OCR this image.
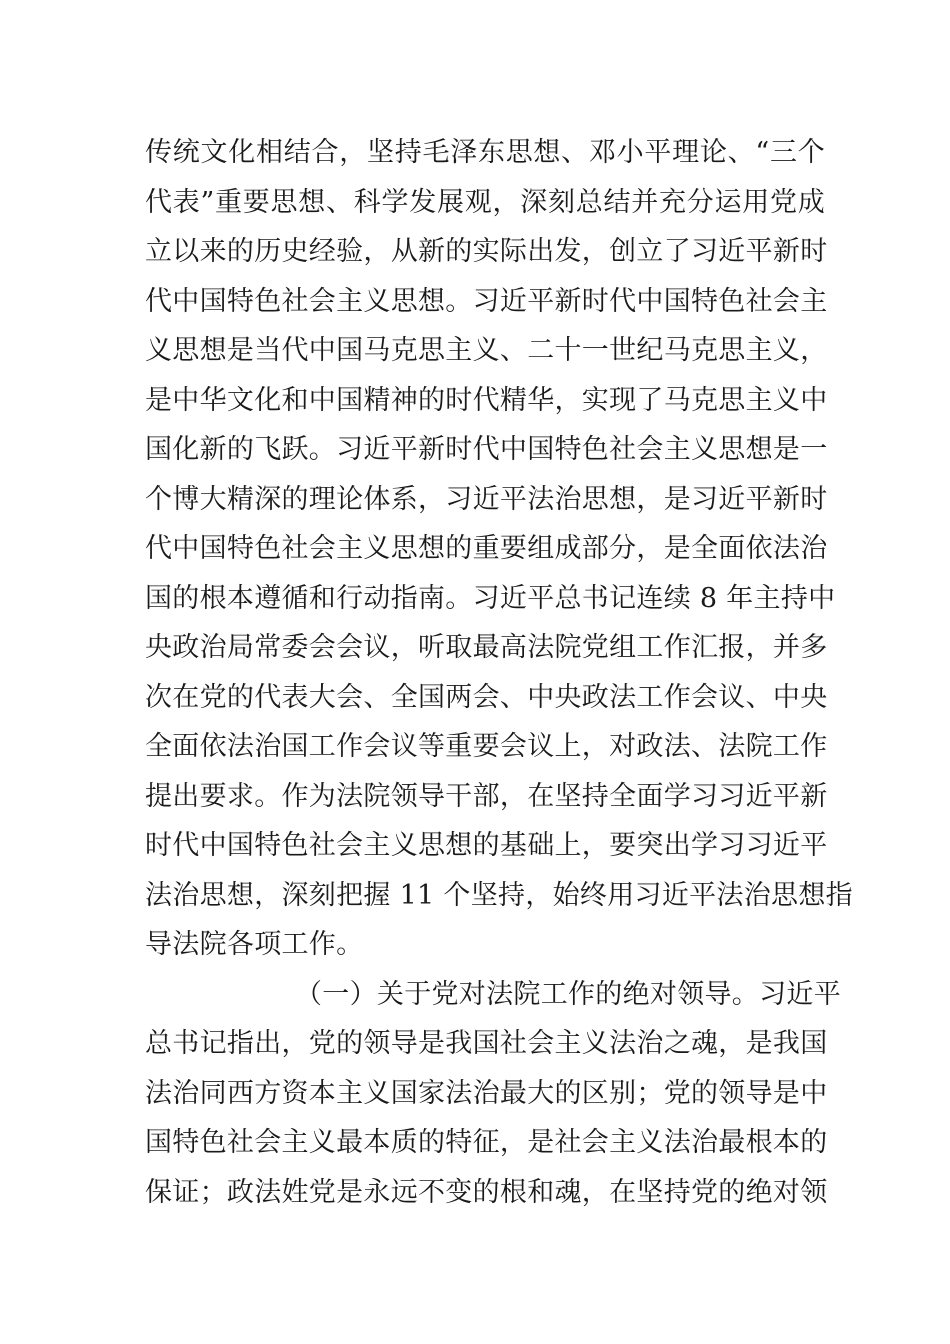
传统文化相结合，坚持毛泽东思想、邓小平理论、“三个
代表”重要思想、科学发展观，深刻总结并充分运用党成
立以来的历史经验，从新的实际出发，创立了习近平新时
代中国特色社会主义思想。习近平新时代中国特色社会主
义思想是当代中国马克思主义、二十一世纪马克思主义，
是中华文化和中国精神的时代精华，实现了马克思主义中
国化新的飞跃。习近平新时代中国特色社会主义思想是一
个博大精深的理论体系，习近平法治思想，是习近平新时
代中国特色社会主义思想的重要组成部分，是全面依法治
国的根本遵循和行动指南。习近平总书记连续 8 年主持中
央政治局常委会会议，听取最高法院党组工作汇报，并多
次在党的代表大会、全国两会、中央政法工作会议、中央
全面依法治国工作会议等重要会议上，对政法、法院工作
提出要求。作为法院领导干部，在坚持全面学习习近平新
时代中国特色社会主义思想的基础上，要突出学习习近平
法治思想，深刻把握 11 个坚持，始终用习近平法治思想指
导法院各项工作。
（一）关于党对法院工作的绝对领导。习近平
总书记指出，党的领导是我国社会主义法治之魂，是我国
法治同西方资本主义国家法治最大的区别；党的领导是中
国特色社会主义最本质的特征，是社会主义法治最根本的
保证；政法姓党是永远不变的根和魂，在坚持党的绝对领
